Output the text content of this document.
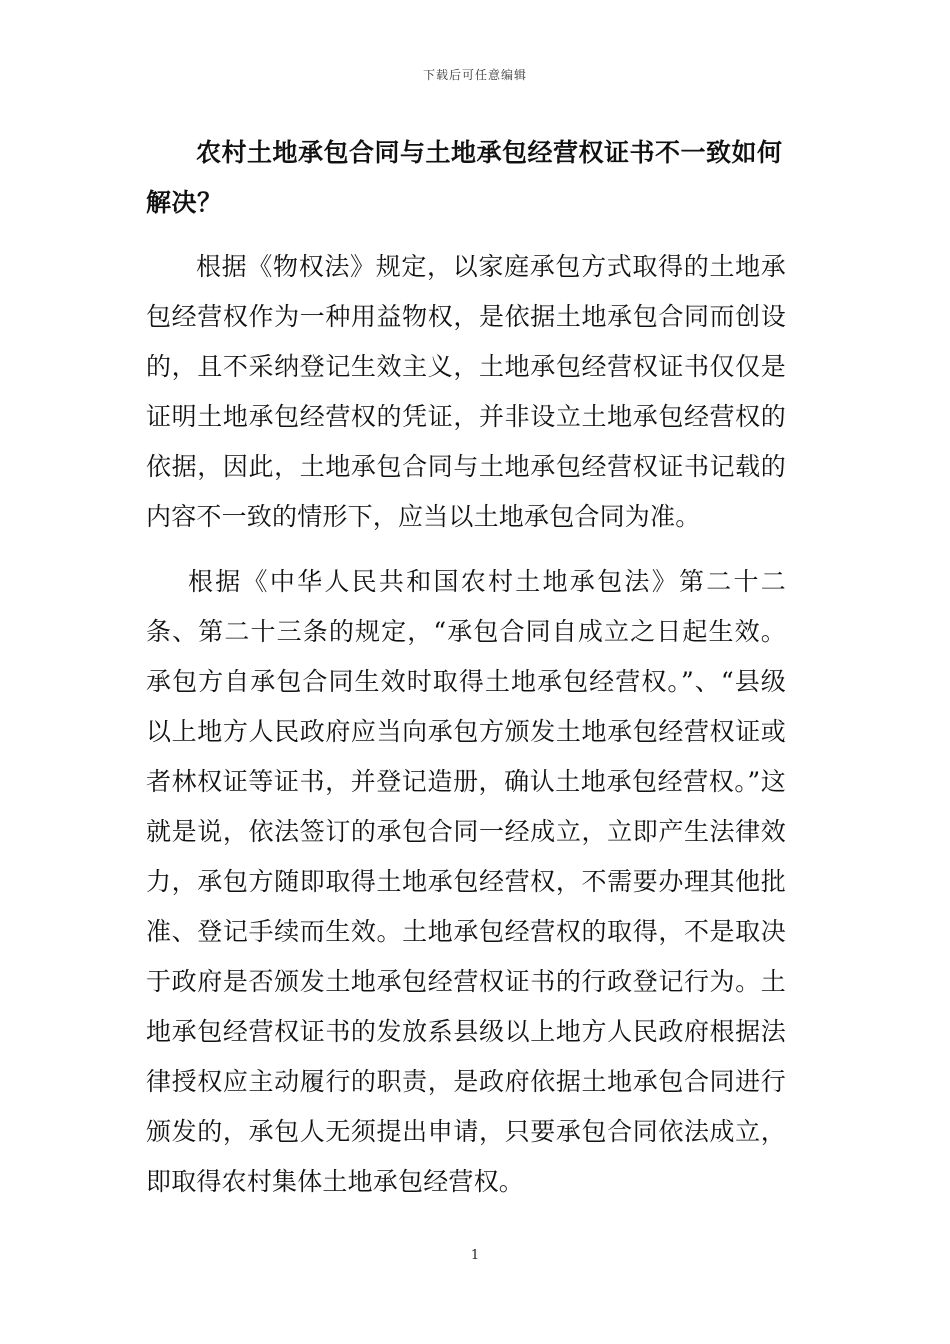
下载后可任意编辑
农村土地承包合同与土地承包经营权证书不一致如何解决？

根据《物权法》规定，以家庭承包方式取得的土地承包经营权作为一种用益物权，是依据土地承包合同而创设的，且不采纳登记生效主义，土地承包经营权证书仅仅是证明土地承包经营权的凭证，并非设立土地承包经营权的依据，因此，土地承包合同与土地承包经营权证书记载的内容不一致的情形下，应当以土地承包合同为准。

根据《中华人民共和国农村土地承包法》第二十二条、第二十三条的规定，“承包合同自成立之日起生效。承包方自承包合同生效时取得土地承包经营权。”、“县级以上地方人民政府应当向承包方颁发土地承包经营权证或者林权证等证书，并登记造册，确认土地承包经营权。”这就是说，依法签订的承包合同一经成立，立即产生法律效力，承包方随即取得土地承包经营权，不需要办理其他批准、登记手续而生效。土地承包经营权的取得，不是取决于政府是否颁发土地承包经营权证书的行政登记行为。土地承包经营权证书的发放系县级以上地方人民政府根据法律授权应主动履行的职责，是政府依据土地承包合同进行颁发的，承包人无须提出申请，只要承包合同依法成立，即取得农村集体土地承包经营权。

1
